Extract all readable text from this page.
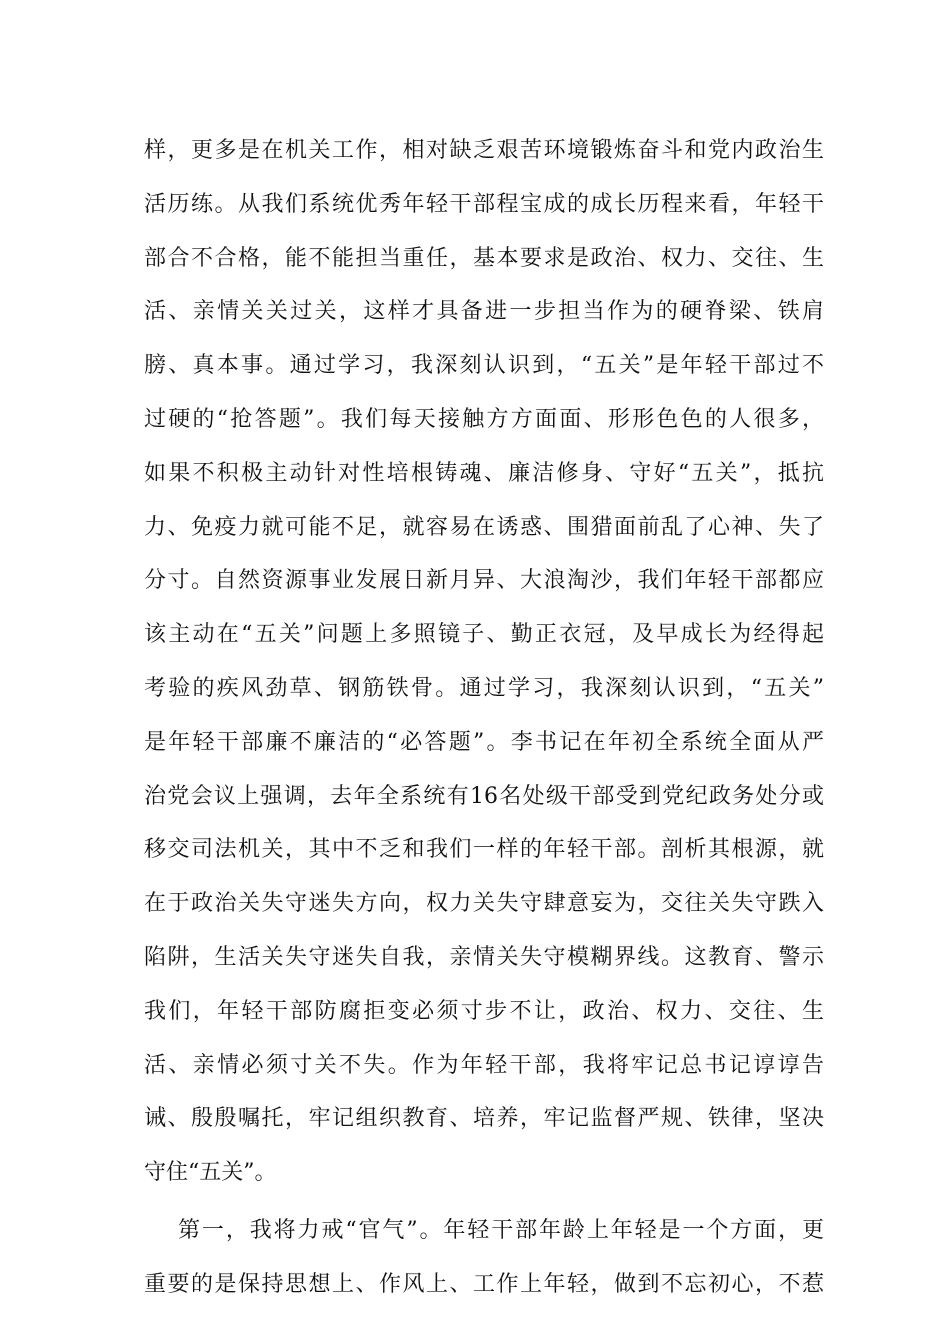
样，更多是在机关工作，相对缺乏艰苦环境锻炼奋斗和党内政治生
活历练。从我们系统优秀年轻干部程宝成的成长历程来看，年轻干
部合不合格，能不能担当重任，基本要求是政治、权力、交往、生
活、亲情关关过关，这样才具备进一步担当作为的硬脊梁、铁肩
膀、真本事。通过学习，我深刻认识到，“五关”是年轻干部过不
过硬的“抢答题”。我们每天接触方方面面、形形色色的人很多，
如果不积极主动针对性培根铸魂、廉洁修身、守好“五关”，抵抗
力、免疫力就可能不足，就容易在诱惑、围猎面前乱了心神、失了
分寸。自然资源事业发展日新月异、大浪淘沙，我们年轻干部都应
该主动在“五关”问题上多照镜子、勤正衣冠，及早成长为经得起
考验的疾风劲草、钢筋铁骨。通过学习，我深刻认识到，“五关”
是年轻干部廉不廉洁的“必答题”。李书记在年初全系统全面从严
治党会议上强调，去年全系统有16名处级干部受到党纪政务处分或
移交司法机关，其中不乏和我们一样的年轻干部。剖析其根源，就
在于政治关失守迷失方向，权力关失守肆意妄为，交往关失守跌入
陷阱，生活关失守迷失自我，亲情关失守模糊界线。这教育、警示
我们，年轻干部防腐拒变必须寸步不让，政治、权力、交往、生
活、亲情必须寸关不失。作为年轻干部，我将牢记总书记谆谆告
诫、殷殷嘱托，牢记组织教育、培养，牢记监督严规、铁律，坚决
守住“五关”。
第一，我将力戒“官气”。年轻干部年龄上年轻是一个方面，更
重要的是保持思想上、作风上、工作上年轻，做到不忘初心，不惹
